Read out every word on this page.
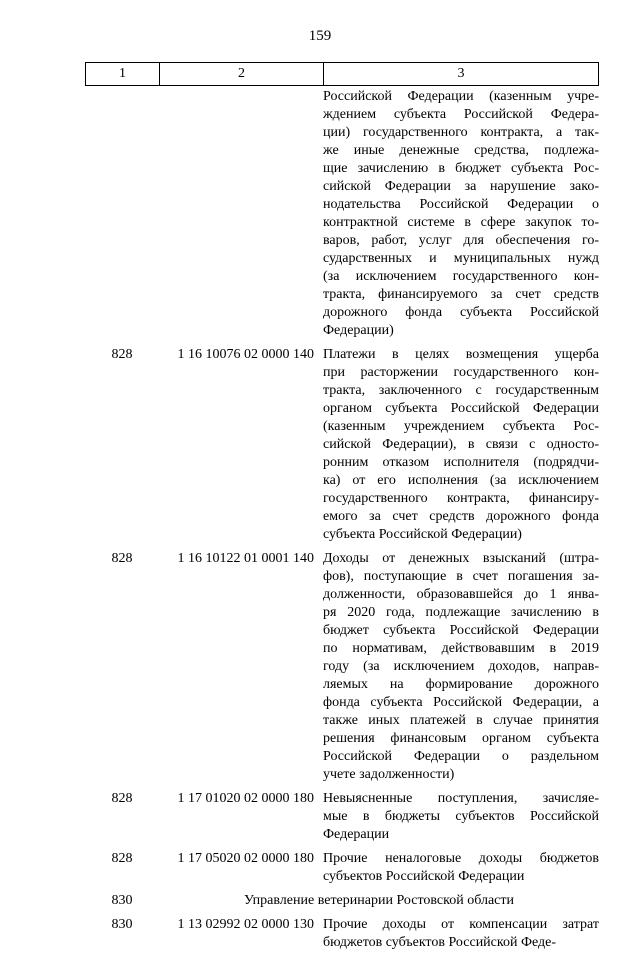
159
1	2	3
Российской Федерации (казенным учре-
ждением субъекта Российской Федера-
ции) государственного контракта, а так-
же иные денежные средства, подлежа-
щие зачислению в бюджет субъекта Рос-
сийской Федерации за нарушение зако-
нодательства Российской Федерации о
контрактной системе в сфере закупок то-
варов, работ, услуг для обеспечения го-
сударственных и муниципальных нужд
(за исключением государственного кон-
тракта, финансируемого за счет средств
дорожного фонда субъекта Российской
Федерации)
828	1 16 10076 02 0000 140 Платежи в целях возмещения ущерба
при расторжении государственного кон-
тракта, заключенного с государственным
органом субъекта Российской Федерации
(казенным учреждением субъекта Рос-
сийской Федерации), в связи с односто-
ронним отказом исполнителя (подрядчи-
ка) от его исполнения (за исключением
государственного контракта, финансиру-
емого за счет средств дорожного фонда
субъекта Российской Федерации)
828	1 16 10122 01 0001 140 Доходы от денежных взысканий (штра-
фов), поступающие в счет погашения за-
долженности, образовавшейся до 1 янва-
ря 2020 года, подлежащие зачислению в
бюджет субъекта Российской Федерации
по нормативам, действовавшим в 2019
году (за исключением доходов, направ-
ляемых на формирование дорожного
фонда субъекта Российской Федерации, а
также иных платежей в случае принятия
решения финансовым органом субъекта
Российской Федерации о раздельном
учете задолженности)
828	1 17 01020 02 0000 180 Невыясненные поступления, зачисляе-
мые в бюджеты субъектов Российской
Федерации
828	1 17 05020 02 0000 180 Прочие неналоговые доходы бюджетов
субъектов Российской Федерации
830	Управление ветеринарии Ростовской области
830	1 13 02992 02 0000 130 Прочие доходы от компенсации затрат
бюджетов субъектов Российской Феде-
